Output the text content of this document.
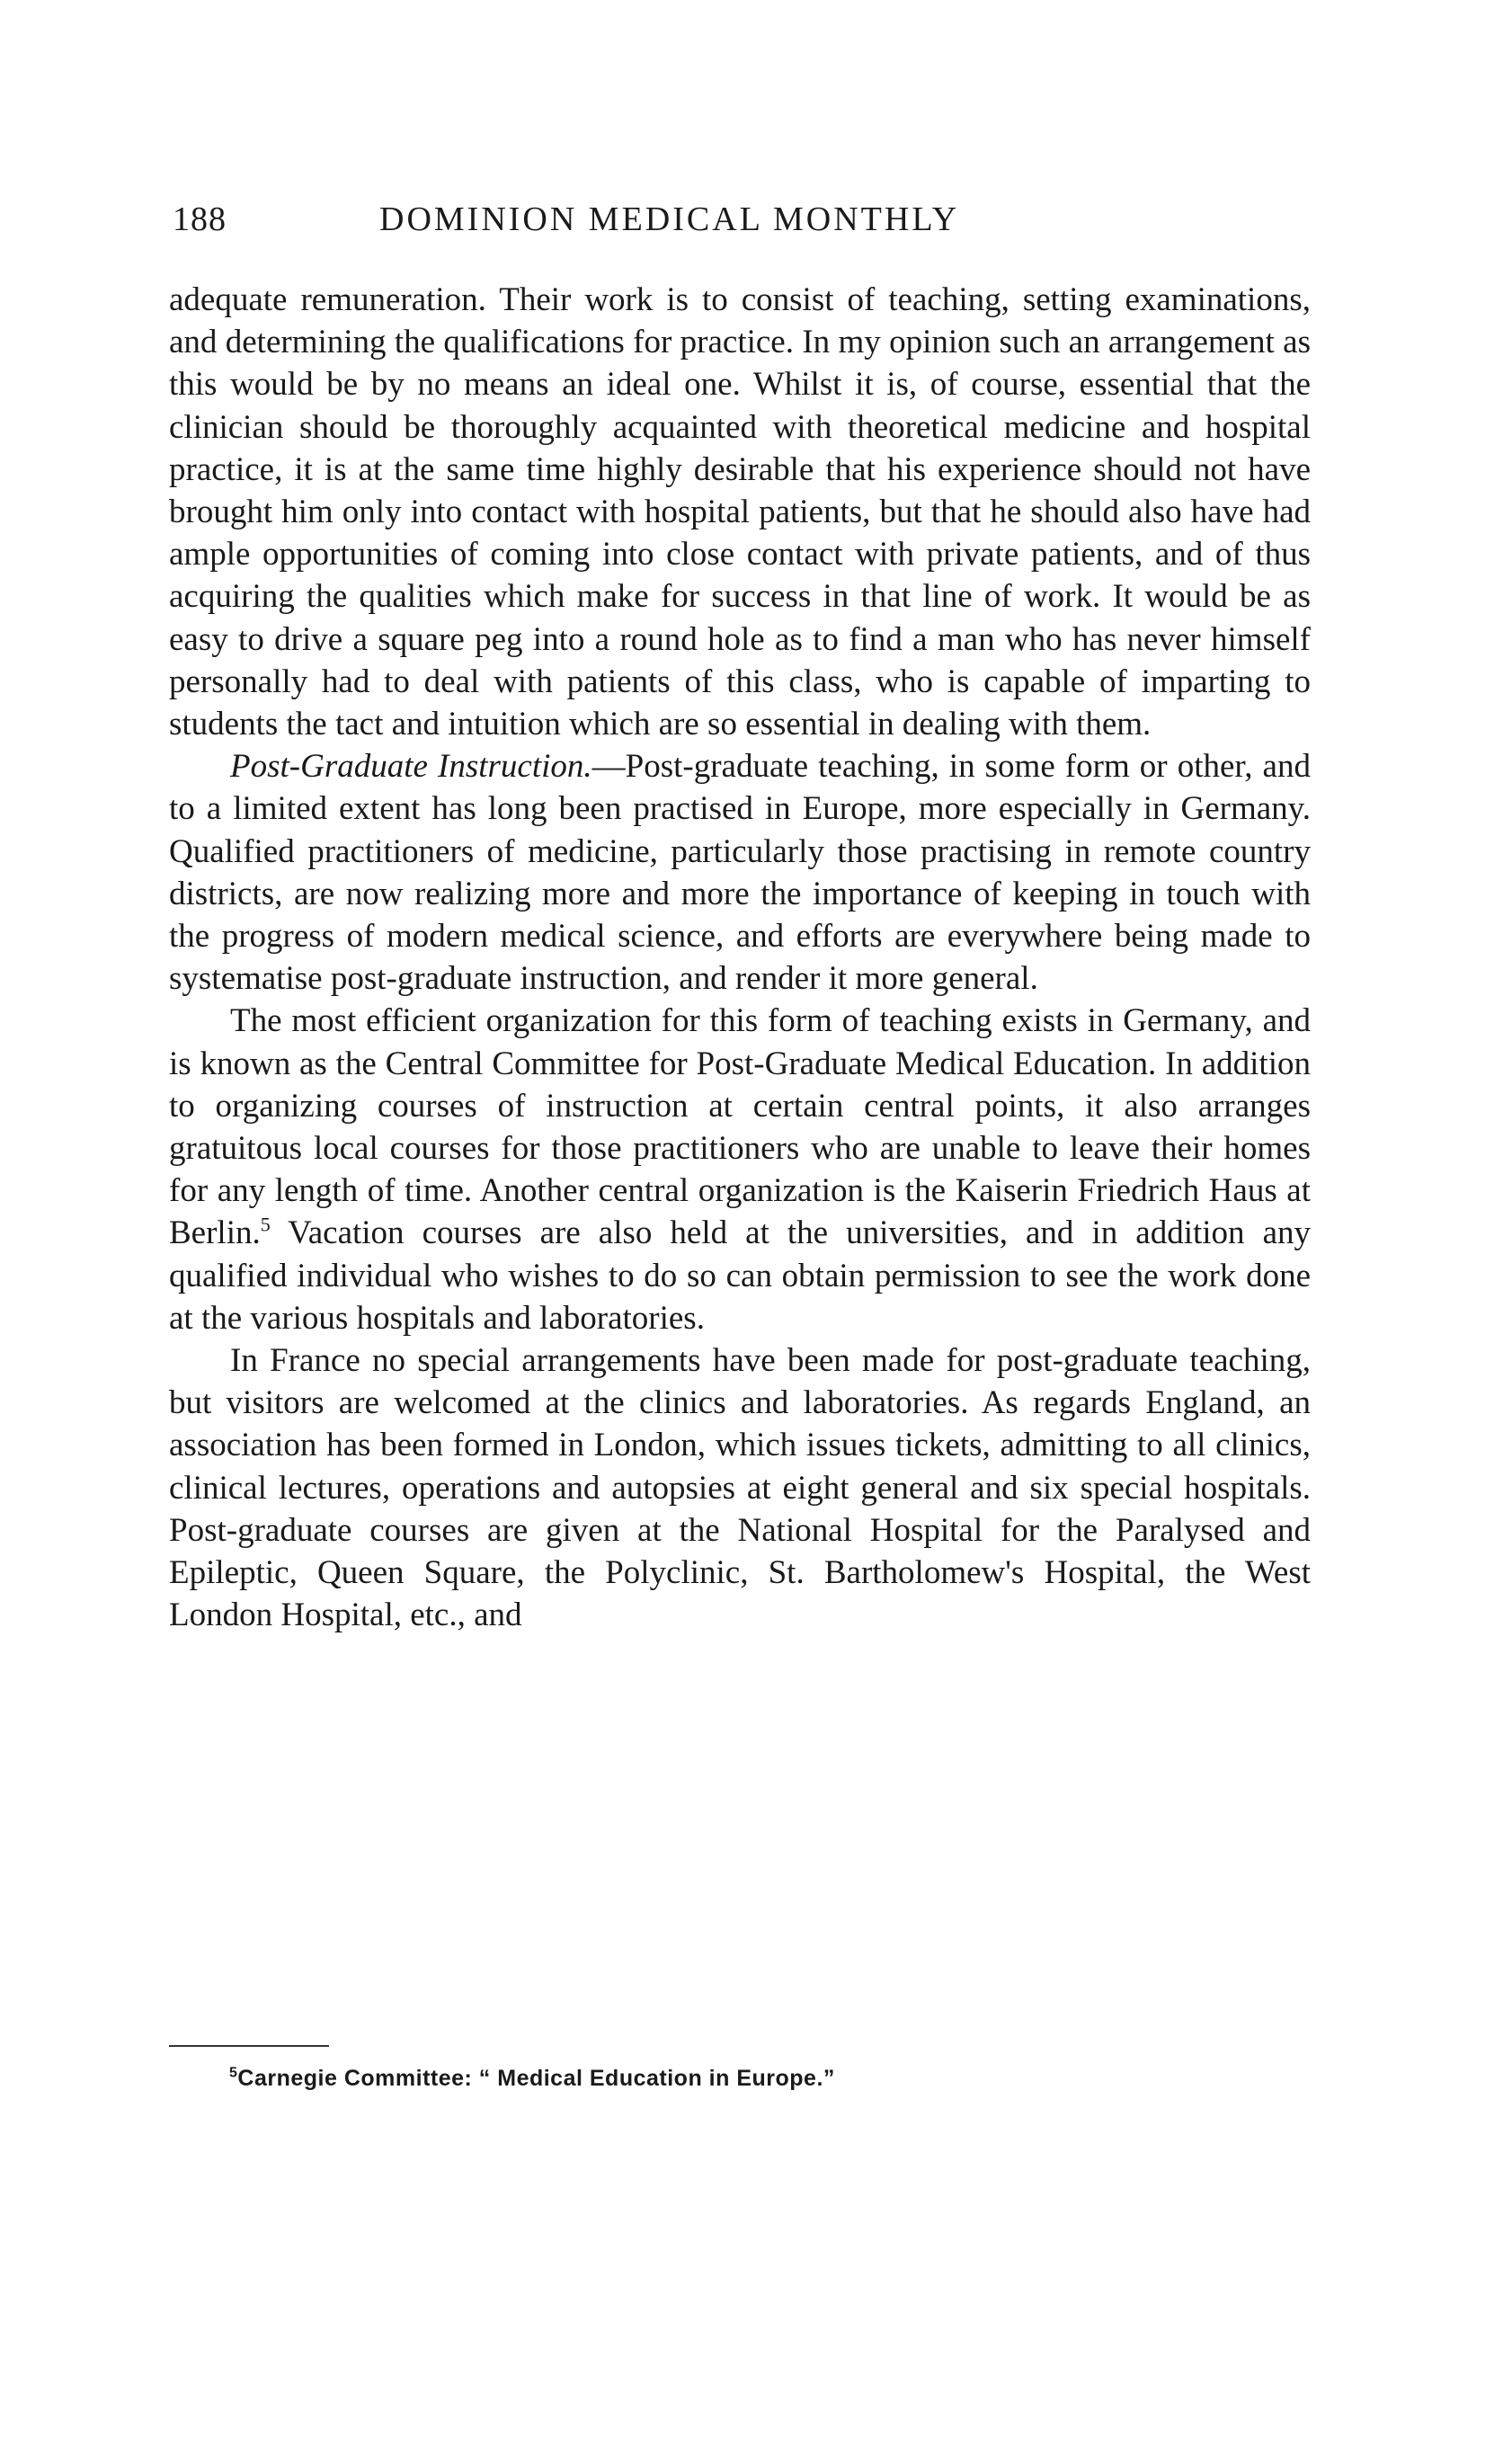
188	DOMINION MEDICAL MONTHLY

adequate remuneration. Their work is to consist of teaching, setting examinations, and determining the qualifications for practice. In my opinion such an arrangement as this would be by no means an ideal one. Whilst it is, of course, essential that the clinician should be thoroughly acquainted with theoretical medicine and hospital practice, it is at the same time highly desirable that his experience should not have brought him only into contact with hospital patients, but that he should also have had ample opportunities of coming into close contact with private patients, and of thus acquiring the qualities which make for success in that line of work. It would be as easy to drive a square peg into a round hole as to find a man who has never himself personally had to deal with patients of this class, who is capable of imparting to students the tact and intuition which are so essential in dealing with them.

Post-Graduate Instruction.—Post-graduate teaching, in some form or other, and to a limited extent has long been practised in Europe, more especially in Germany. Qualified practitioners of medicine, particularly those practising in remote country districts, are now realizing more and more the importance of keeping in touch with the progress of modern medical science, and efforts are everywhere being made to systematise post-graduate instruction, and render it more general.

The most efficient organization for this form of teaching exists in Germany, and is known as the Central Committee for Post-Graduate Medical Education. In addition to organizing courses of instruction at certain central points, it also arranges gratuitous local courses for those practitioners who are unable to leave their homes for any length of time. Another central organization is the Kaiserin Friedrich Haus at Berlin.$^5$ Vacation courses are also held at the universities, and in addition any qualified individual who wishes to do so can obtain permission to see the work done at the various hospitals and laboratories.

In France no special arrangements have been made for post-graduate teaching, but visitors are welcomed at the clinics and laboratories. As regards England, an association has been formed in London, which issues tickets, admitting to all clinics, clinical lectures, operations and autopsies at eight general and six special hospitals. Post-graduate courses are given at the National Hospital for the Paralysed and Epileptic, Queen Square, the Polyclinic, St. Bartholomew's Hospital, the West London Hospital, etc., and

$^5$Carnegie Committee: “ Medical Education in Europe.”
